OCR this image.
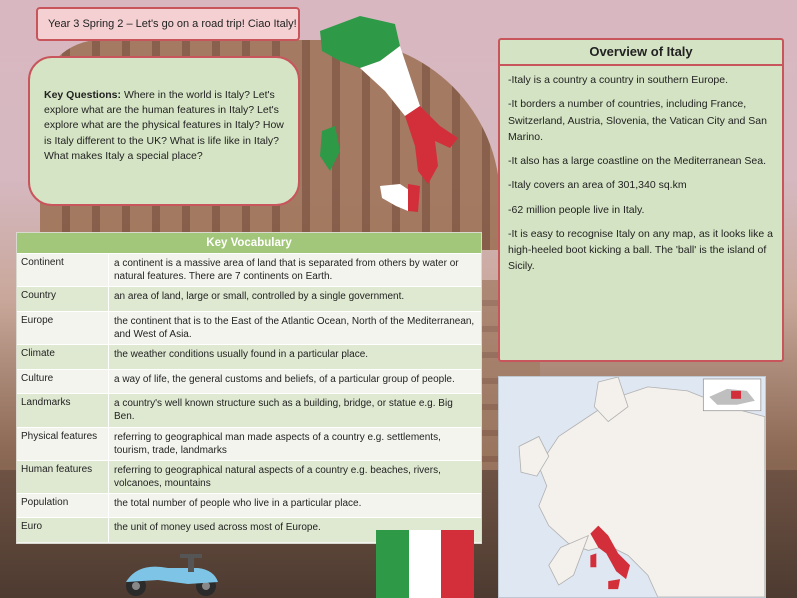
Year 3 Spring 2 – Let's go on a road trip! Ciao Italy!
Key Questions: Where in the world is Italy? Let's explore what are the human features in Italy? Let's explore what are the physical features in Italy? How is Italy different to the UK? What is life like in Italy? What makes Italy a special place?
Overview of Italy

-Italy is a country a country in southern Europe.

-It borders a number of countries, including France, Switzerland, Austria, Slovenia, the Vatican City and San Marino.

-It also has a large coastline on the Mediterranean Sea.

-Italy covers an area of 301,340 sq.km

-62 million people live in Italy.

-It is easy to recognise Italy on any map, as it looks like a high-heeled boot kicking a ball. The 'ball' is the island of Sicily.

Key Vocabulary
Continent	a continent is a massive area of land that is separated from others by water or natural features. There are 7 continents on Earth.
Country	an area of land, large or small, controlled by a single government.
Europe	the continent that is to the East of the Atlantic Ocean, North of the Mediterranean, and West of Asia.
Climate	the weather conditions usually found in a particular place.
Culture	a way of life, the general customs and beliefs, of a particular group of people.
Landmarks	a country's well known structure such as a building, bridge, or statue e.g. Big Ben.
Physical features	referring to geographical man made aspects of a country e.g. settlements, tourism, trade, landmarks
Human features	referring to geographical natural aspects of a country e.g. beaches, rivers, volcanoes, mountains
Population	the total number of people who live in a particular place.
Euro	the unit of money used across most of Europe.
